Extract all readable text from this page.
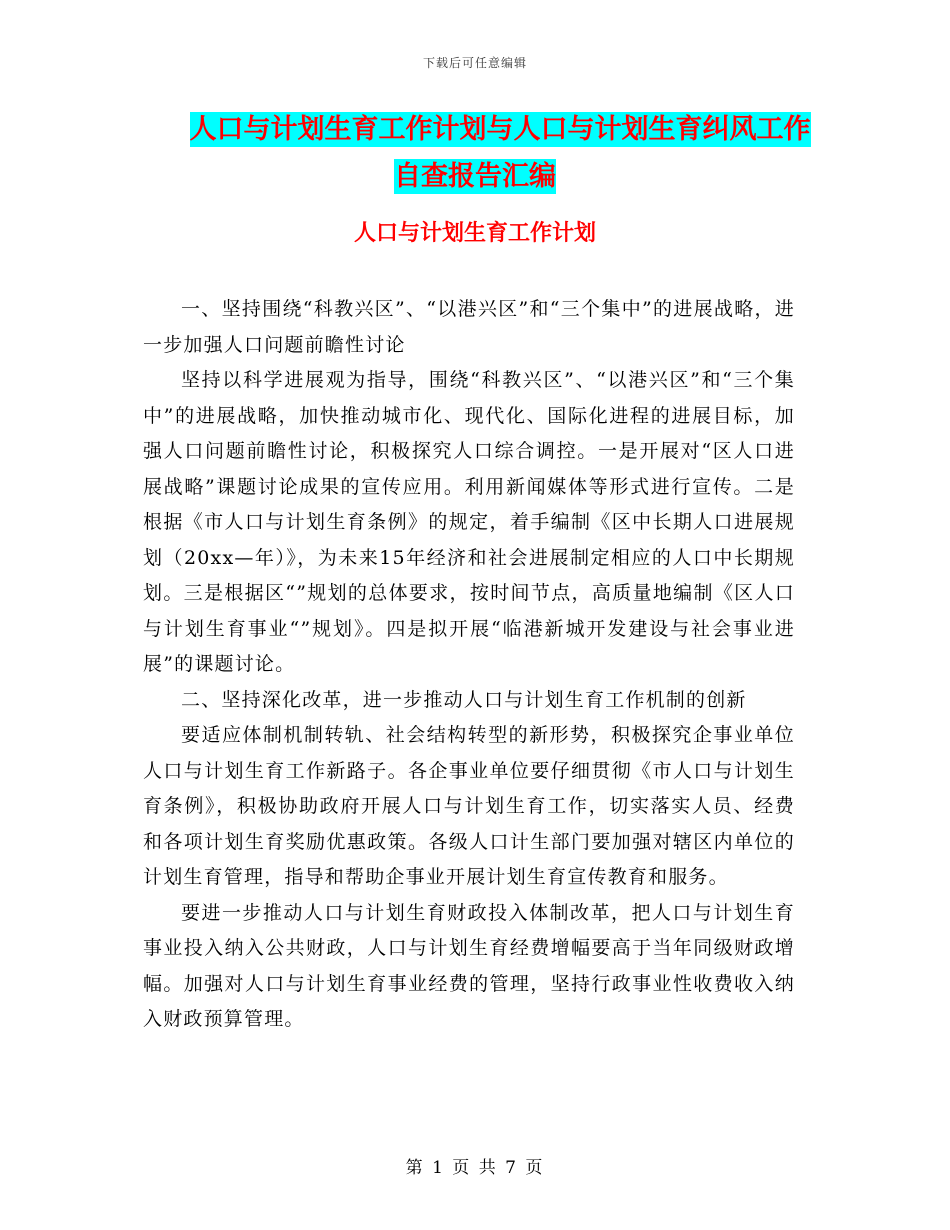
下载后可任意编辑
人口与计划生育工作计划与人口与计划生育纠风工作
自查报告汇编
人口与计划生育工作计划

一、坚持围绕“科教兴区”、“以港兴区”和“三个集中”的进展战略，进一步加强人口问题前瞻性讨论

坚持以科学进展观为指导，围绕“科教兴区”、“以港兴区”和“三个集中”的进展战略，加快推动城市化、现代化、国际化进程的进展目标，加强人口问题前瞻性讨论，积极探究人口综合调控。一是开展对“区人口进展战略”课题讨论成果的宣传应用。利用新闻媒体等形式进行宣传。二是根据《市人口与计划生育条例》的规定，着手编制《区中长期人口进展规划（20xx—年）》，为未来15年经济和社会进展制定相应的人口中长期规划。三是根据区“”规划的总体要求，按时间节点，高质量地编制《区人口与计划生育事业“”规划》。四是拟开展“临港新城开发建设与社会事业进展”的课题讨论。

二、坚持深化改革，进一步推动人口与计划生育工作机制的创新

要适应体制机制转轨、社会结构转型的新形势，积极探究企事业单位人口与计划生育工作新路子。各企事业单位要仔细贯彻《市人口与计划生育条例》，积极协助政府开展人口与计划生育工作，切实落实人员、经费和各项计划生育奖励优惠政策。各级人口计生部门要加强对辖区内单位的计划生育管理，指导和帮助企事业开展计划生育宣传教育和服务。

要进一步推动人口与计划生育财政投入体制改革，把人口与计划生育事业投入纳入公共财政，人口与计划生育经费增幅要高于当年同级财政增幅。加强对人口与计划生育事业经费的管理，坚持行政事业性收费收入纳入财政预算管理。

第 1 页 共 7 页
